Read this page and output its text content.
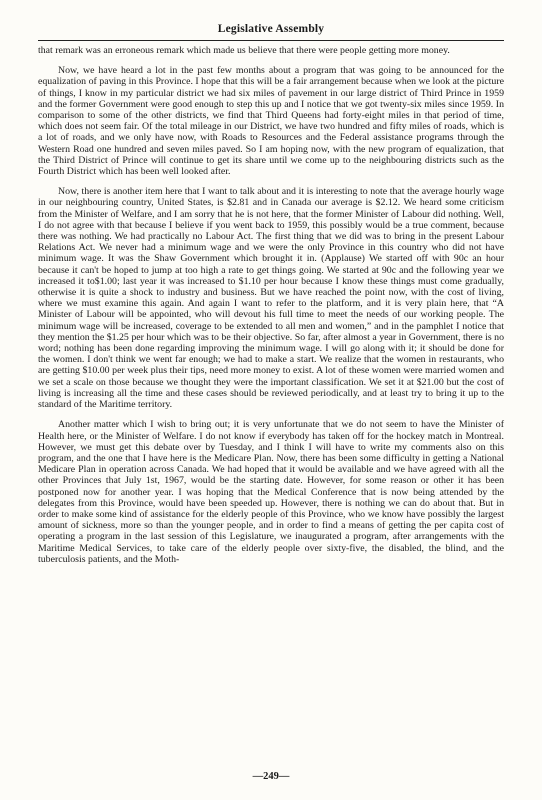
Legislative Assembly

that remark was an erroneous remark which made us believe that there were people getting more money.

Now, we have heard a lot in the past few months about a program that was going to be announced for the equalization of paving in this Province. I hope that this will be a fair arrangement because when we look at the picture of things, I know in my particular district we had six miles of pavement in our large district of Third Prince in 1959 and the former Government were good enough to step this up and I notice that we got twenty-six miles since 1959. In comparison to some of the other districts, we find that Third Queens had forty-eight miles in that period of time, which does not seem fair. Of the total mileage in our District, we have two hundred and fifty miles of roads, which is a lot of roads, and we only have now, with Roads to Resources and the Federal assistance programs through the Western Road one hundred and seven miles paved. So I am hoping now, with the new program of equalization, that the Third District of Prince will continue to get its share until we come up to the neighbouring districts such as the Fourth District which has been well looked after.

Now, there is another item here that I want to talk about and it is interesting to note that the average hourly wage in our neighbouring country, United States, is $2.81 and in Canada our average is $2.12. We heard some criticism from the Minister of Welfare, and I am sorry that he is not here, that the former Minister of Labour did nothing. Well, I do not agree with that because I believe if you went back to 1959, this possibly would be a true comment, because there was nothing. We had practically no Labour Act. The first thing that we did was to bring in the present Labour Relations Act. We never had a minimum wage and we were the only Province in this country who did not have minimum wage. It was the Shaw Government which brought it in. (Applause) We started off with 90c an hour because it can't be hoped to jump at too high a rate to get things going. We started at 90c and the following year we increased it to$1.00; last year it was increased to $1.10 per hour because I know these things must come gradually, otherwise it is quite a shock to industry and business. But we have reached the point now, with the cost of living, where we must examine this again. And again I want to refer to the platform, and it is very plain here, that “A Minister of Labour will be appointed, who will devout his full time to meet the needs of our working people. The minimum wage will be increased, coverage to be extended to all men and women,” and in the pamphlet I notice that they mention the $1.25 per hour which was to be their objective. So far, after almost a year in Government, there is no word; nothing has been done regarding improving the minimum wage. I will go along with it; it should be done for the women. I don't think we went far enough; we had to make a start. We realize that the women in restaurants, who are getting $10.00 per week plus their tips, need more money to exist. A lot of these women were married women and we set a scale on those because we thought they were the important classification. We set it at $21.00 but the cost of living is increasing all the time and these cases should be reviewed periodically, and at least try to bring it up to the standard of the Maritime territory.

Another matter which I wish to bring out; it is very unfortunate that we do not seem to have the Minister of Health here, or the Minister of Welfare. I do not know if everybody has taken off for the hockey match in Montreal. However, we must get this debate over by Tuesday, and I think I will have to write my comments also on this program, and the one that I have here is the Medicare Plan. Now, there has been some difficulty in getting a National Medicare Plan in operation across Canada. We had hoped that it would be available and we have agreed with all the other Provinces that July 1st, 1967, would be the starting date. However, for some reason or other it has been postponed now for another year. I was hoping that the Medical Conference that is now being attended by the delegates from this Province, would have been speeded up. However, there is nothing we can do about that. But in order to make some kind of assistance for the elderly people of this Province, who we know have possibly the largest amount of sickness, more so than the younger people, and in order to find a means of getting the per capita cost of operating a program in the last session of this Legislature, we inaugurated a program, after arrangements with the Maritime Medical Services, to take care of the elderly people over sixty-five, the disabled, the blind, and the tuberculosis patients, and the Moth-

—249—
